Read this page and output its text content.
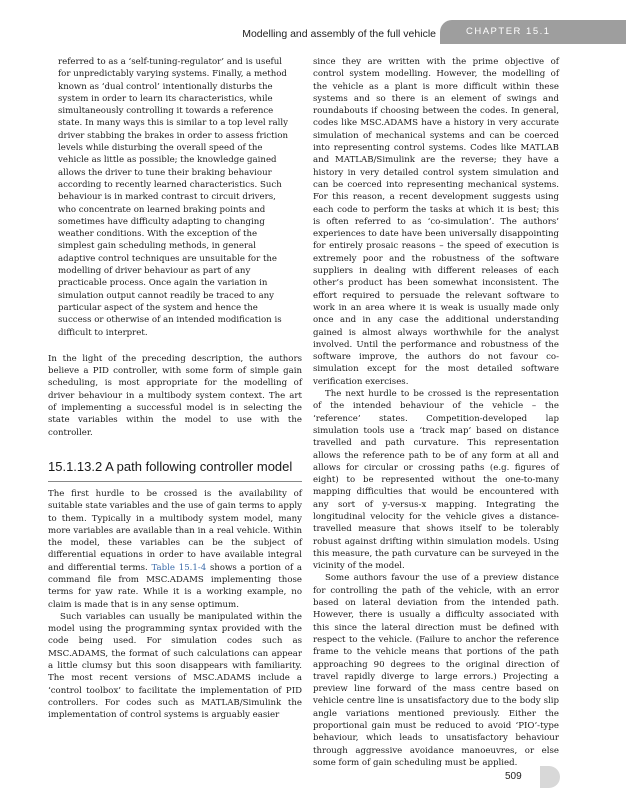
Modelling and assembly of the full vehicle	CHAPTER 15.1

referred to as a ‘self-tuning-regulator’ and is useful for unpredictably varying systems. Finally, a method known as ‘dual control’ intentionally disturbs the system in order to learn its characteristics, while simultaneously controlling it towards a reference state. In many ways this is similar to a top level rally driver stabbing the brakes in order to assess friction levels while disturbing the overall speed of the vehicle as little as possible; the knowledge gained allows the driver to tune their braking behaviour according to recently learned characteristics. Such behaviour is in marked contrast to circuit drivers, who concentrate on learned braking points and sometimes have difficulty adapting to changing weather conditions. With the exception of the simplest gain scheduling methods, in general adaptive control techniques are unsuitable for the modelling of driver behaviour as part of any practicable process. Once again the variation in simulation output cannot readily be traced to any particular aspect of the system and hence the success or otherwise of an intended modification is difficult to interpret.

In the light of the preceding description, the authors believe a PID controller, with some form of simple gain scheduling, is most appropriate for the modelling of driver behaviour in a multibody system context. The art of implementing a successful model is in selecting the state variables within the model to use with the controller.

15.1.13.2 A path following controller model

The first hurdle to be crossed is the availability of suitable state variables and the use of gain terms to apply to them. Typically in a multibody system model, many more variables are available than in a real vehicle. Within the model, these variables can be the subject of differential equations in order to have available integral and differential terms. Table 15.1-4 shows a portion of a command file from MSC.ADAMS implementing those terms for yaw rate. While it is a working example, no claim is made that is in any sense optimum.

Such variables can usually be manipulated within the model using the programming syntax provided with the code being used. For simulation codes such as MSC.ADAMS, the format of such calculations can appear a little clumsy but this soon disappears with familiarity. The most recent versions of MSC.ADAMS include a ‘control toolbox’ to facilitate the implementation of PID controllers. For codes such as MATLAB/Simulink the implementation of control systems is arguably easier

since they are written with the prime objective of control system modelling. However, the modelling of the vehicle as a plant is more difficult within these systems and so there is an element of swings and roundabouts if choosing between the codes. In general, codes like MSC.ADAMS have a history in very accurate simulation of mechanical systems and can be coerced into representing control systems. Codes like MATLAB and MATLAB/Simulink are the reverse; they have a history in very detailed control system simulation and can be coerced into representing mechanical systems. For this reason, a recent development suggests using each code to perform the tasks at which it is best; this is often referred to as ‘co-simulation’. The authors’ experiences to date have been universally disappointing for entirely prosaic reasons – the speed of execution is extremely poor and the robustness of the software suppliers in dealing with different releases of each other’s product has been somewhat inconsistent. The effort required to persuade the relevant software to work in an area where it is weak is usually made only once and in any case the additional understanding gained is almost always worthwhile for the analyst involved. Until the performance and robustness of the software improve, the authors do not favour co-simulation except for the most detailed software verification exercises.

The next hurdle to be crossed is the representation of the intended behaviour of the vehicle – the ‘reference’ states. Competition-developed lap simulation tools use a ‘track map’ based on distance travelled and path curvature. This representation allows the reference path to be of any form at all and allows for circular or crossing paths (e.g. figures of eight) to be represented without the one-to-many mapping difficulties that would be encountered with any sort of y-versus-x mapping. Integrating the longitudinal velocity for the vehicle gives a distance-travelled measure that shows itself to be tolerably robust against drifting within simulation models. Using this measure, the path curvature can be surveyed in the vicinity of the model.

Some authors favour the use of a preview distance for controlling the path of the vehicle, with an error based on lateral deviation from the intended path. However, there is usually a difficulty associated with this since the lateral direction must be defined with respect to the vehicle. (Failure to anchor the reference frame to the vehicle means that portions of the path approaching 90 degrees to the original direction of travel rapidly diverge to large errors.) Projecting a preview line forward of the mass centre based on vehicle centre line is unsatisfactory due to the body slip angle variations mentioned previously. Either the proportional gain must be reduced to avoid ‘PIO’-type behaviour, which leads to unsatisfactory behaviour through aggressive avoidance manoeuvres, or else some form of gain scheduling must be applied.

509
